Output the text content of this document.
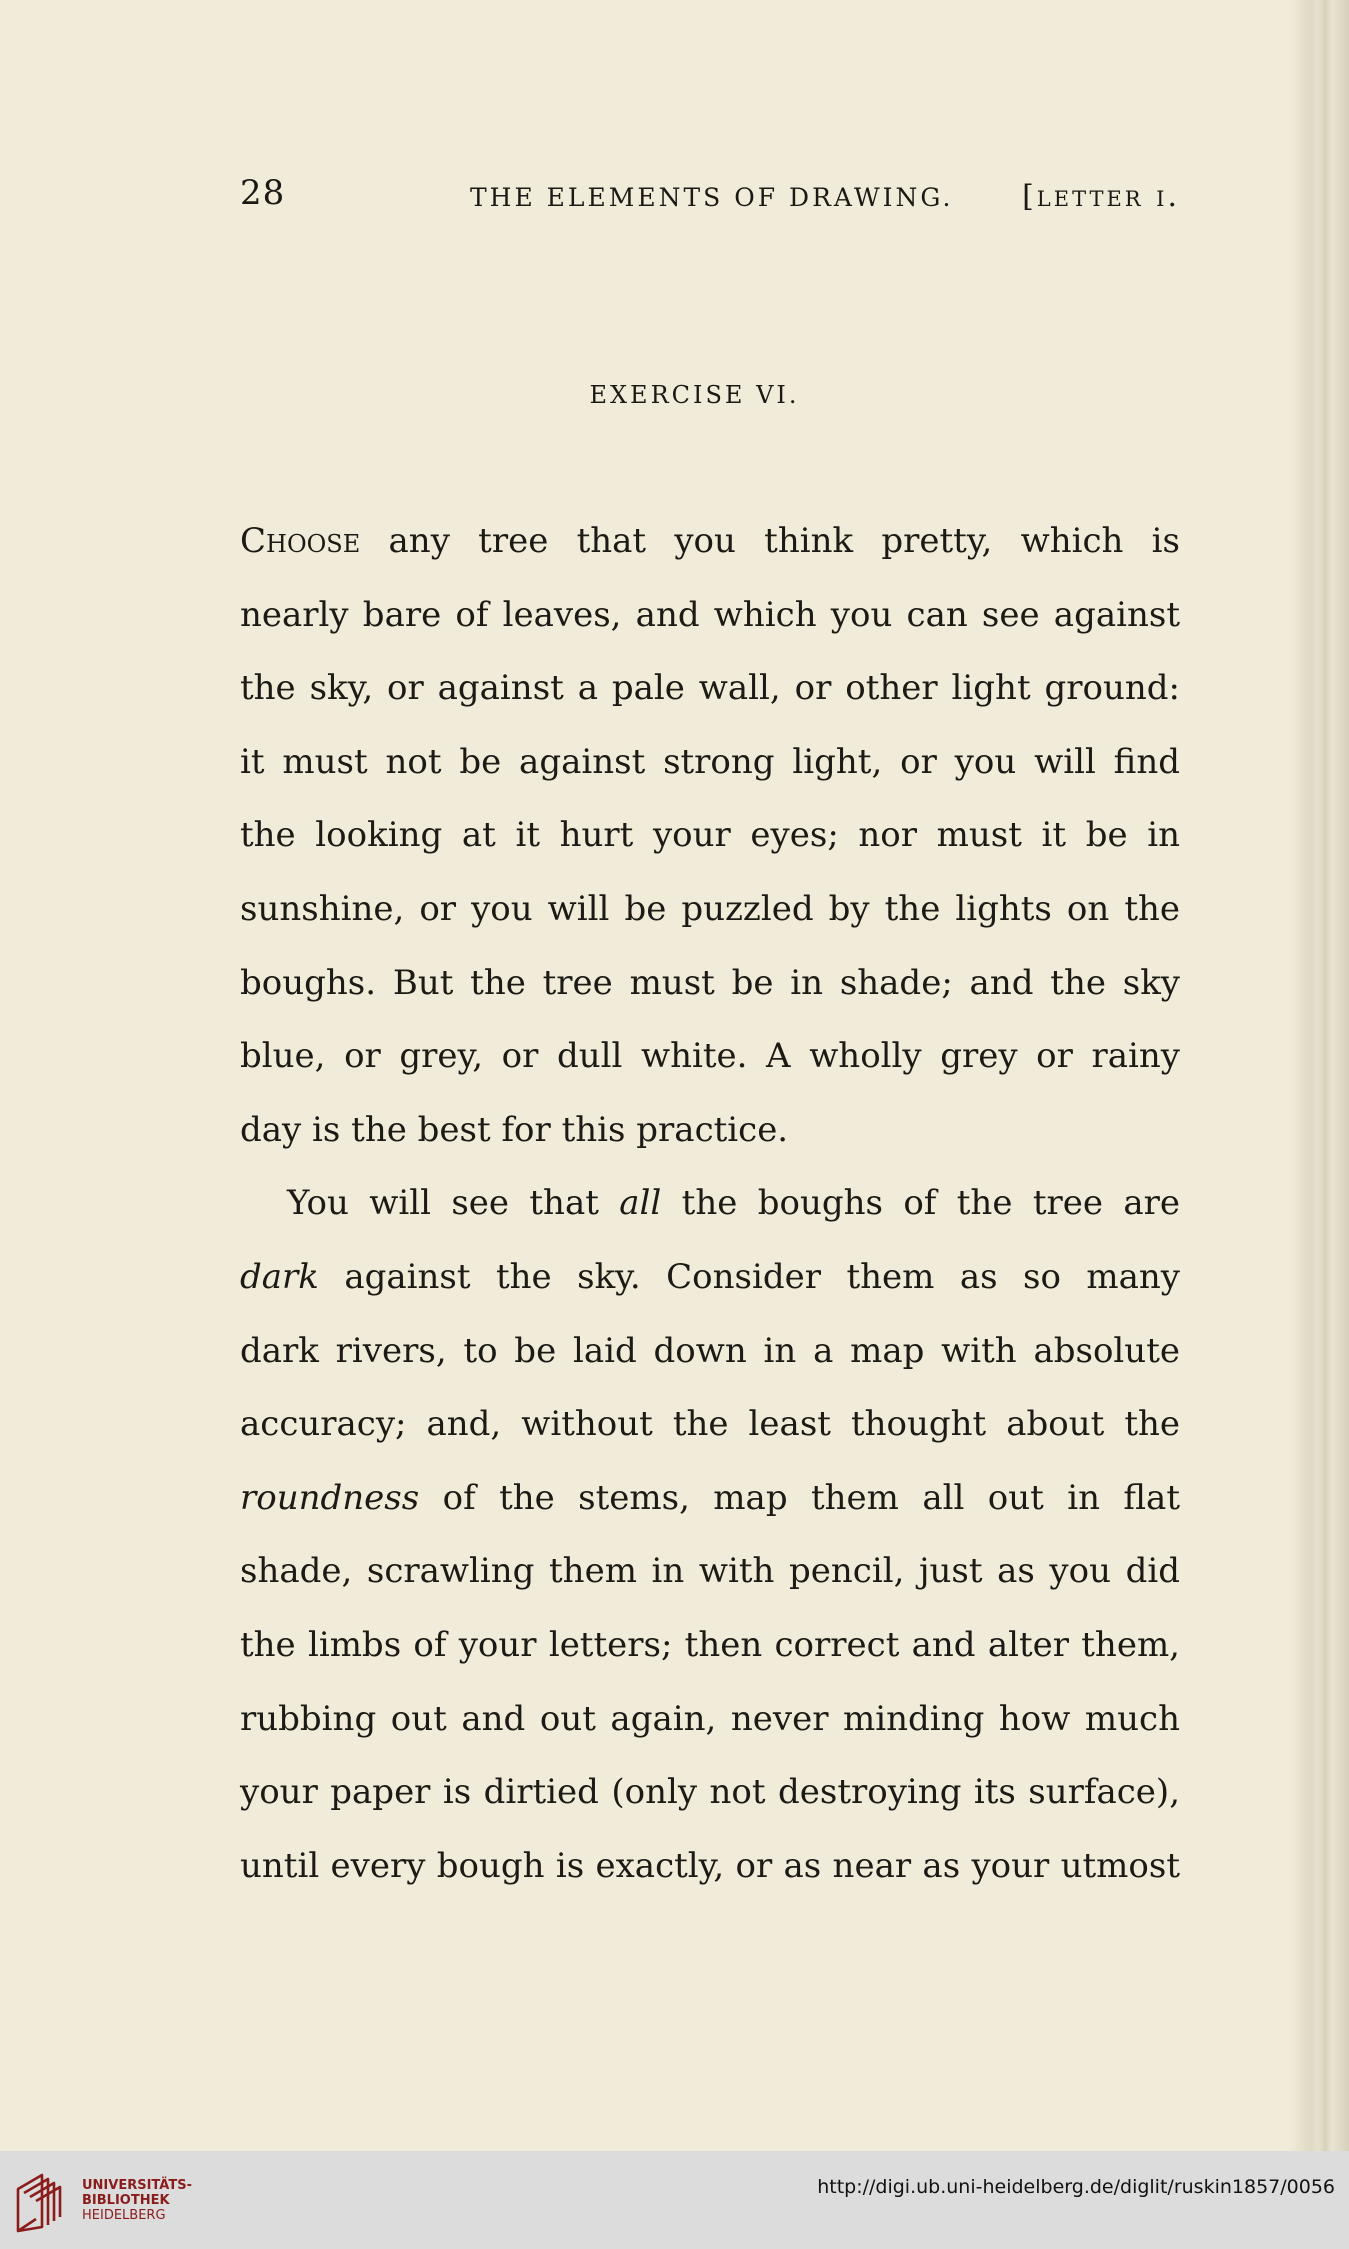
28	THE ELEMENTS OF DRAWING. [letter i.
EXERCISE VI.
Choose any tree that you think pretty, which is
nearly bare of leaves, and which you can see against
the sky, or against a pale wall, or other light ground:
it must not be against strong light, or you will find
the looking at it hurt your eyes; nor must it be in
sunshine, or you will be puzzled by the lights on the
boughs. But the tree must be in shade; and the sky
blue, or grey, or dull white. A wholly grey or rainy
day is the best for this practice.
You will see that all the boughs of the tree are
dark against the sky. Consider them as so many
dark rivers, to be laid down in a map with absolute
accuracy; and, without the least thought about the
roundness of the stems, map them all out in flat
shade, scrawling them in with pencil, just as you did
the limbs of your letters; then correct and alter them,
rubbing out and out again, never minding how much
your paper is dirtied (only not destroying its surface),
until every bough is exactly, or as near as your utmost
UNIVERSITÄTS-
BIBLIOTHEK
HEIDELBERG
http://digi.ub.uni-heidelberg.de/diglit/ruskin1857/0056
